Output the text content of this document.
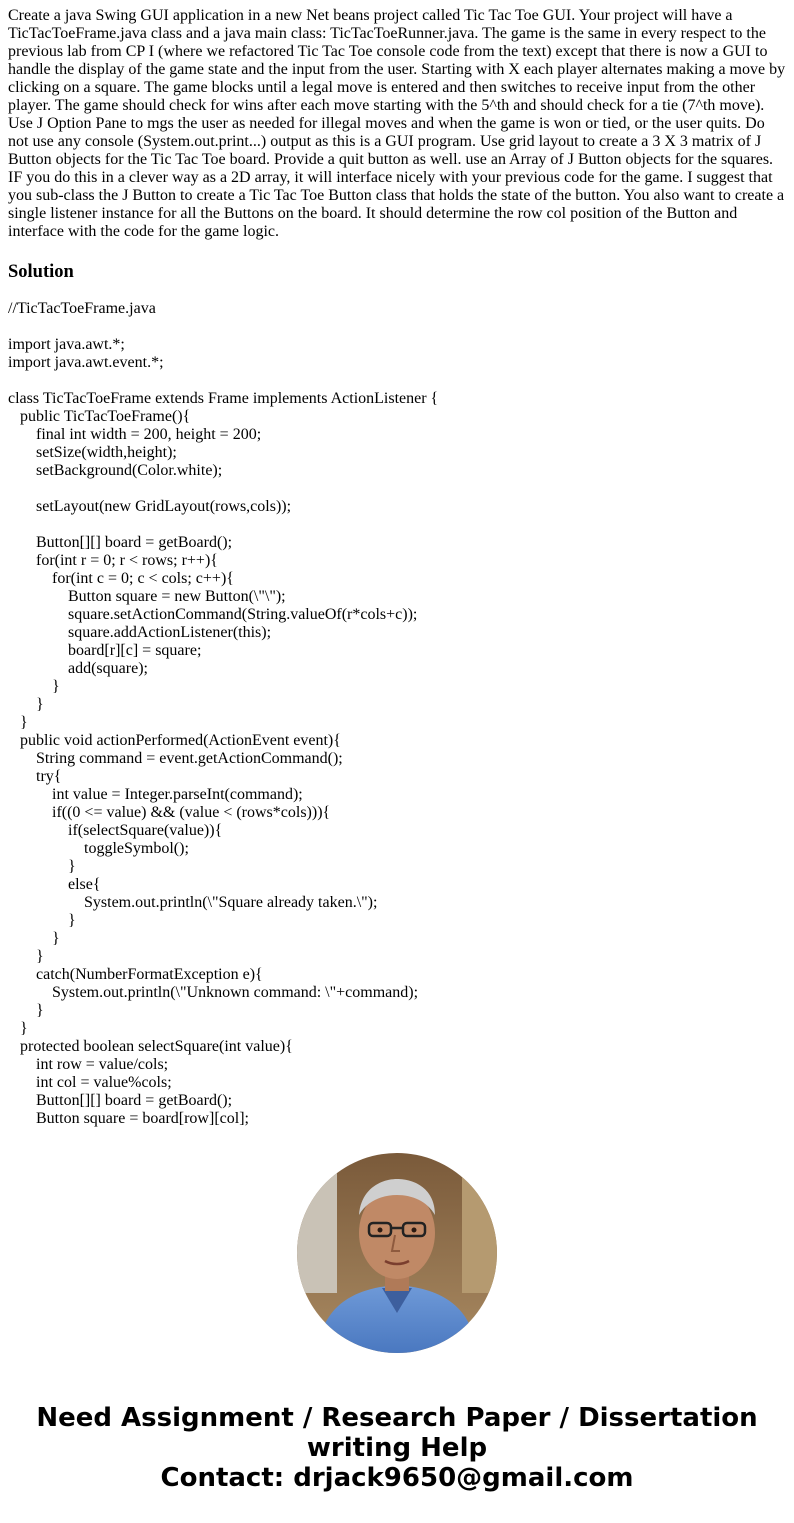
Create a java Swing GUI application in a new Net beans project called Tic Tac Toe GUI. Your project will have a TicTacToeFrame.java class and a java main class: TicTacToeRunner.java. The game is the same in every respect to the previous lab from CP I (where we refactored Tic Tac Toe console code from the text) except that there is now a GUI to handle the display of the game state and the input from the user. Starting with X each player alternates making a move by clicking on a square. The game blocks until a legal move is entered and then switches to receive input from the other player. The game should check for wins after each move starting with the 5^th and should check for a tie (7^th move). Use J Option Pane to mgs the user as needed for illegal moves and when the game is won or tied, or the user quits. Do not use any console (System.out.print...) output as this is a GUI program. Use grid layout to create a 3 X 3 matrix of J Button objects for the Tic Tac Toe board. Provide a quit button as well. use an Array of J Button objects for the squares. IF you do this in a clever way as a 2D array, it will interface nicely with your previous code for the game. I suggest that you sub-class the J Button to create a Tic Tac Toe Button class that holds the state of the button. You also want to create a single listener instance for all the Buttons on the board. It should determine the row col position of the Button and interface with the code for the game logic.

Solution
//TicTacToeFrame.java

import java.awt.*;
import java.awt.event.*;

class TicTacToeFrame extends Frame implements ActionListener {
public TicTacToeFrame(){
final int width = 200, height = 200;
setSize(width,height);
setBackground(Color.white);

setLayout(new GridLayout(rows,cols));

Button[][] board = getBoard();
for(int r = 0; r < rows; r++){
for(int c = 0; c < cols; c++){
Button square = new Button(\"\");
square.setActionCommand(String.valueOf(r*cols+c));
square.addActionListener(this);
board[r][c] = square;
add(square);
}
}
}
public void actionPerformed(ActionEvent event){
String command = event.getActionCommand();
try{
int value = Integer.parseInt(command);
if((0 <= value) && (value < (rows*cols))){
if(selectSquare(value)){
toggleSymbol();
}
else{
System.out.println(\"Square already taken.\");
}
}
}
catch(NumberFormatException e){
System.out.println(\"Unknown command: \"+command);
}
}
protected boolean selectSquare(int value){
int row = value/cols;
int col = value%cols;
Button[][] board = getBoard();
Button square = board[row][col];
Need Assignment / Research Paper / Dissertation
writing Help
Contact: drjack9650@gmail.com
